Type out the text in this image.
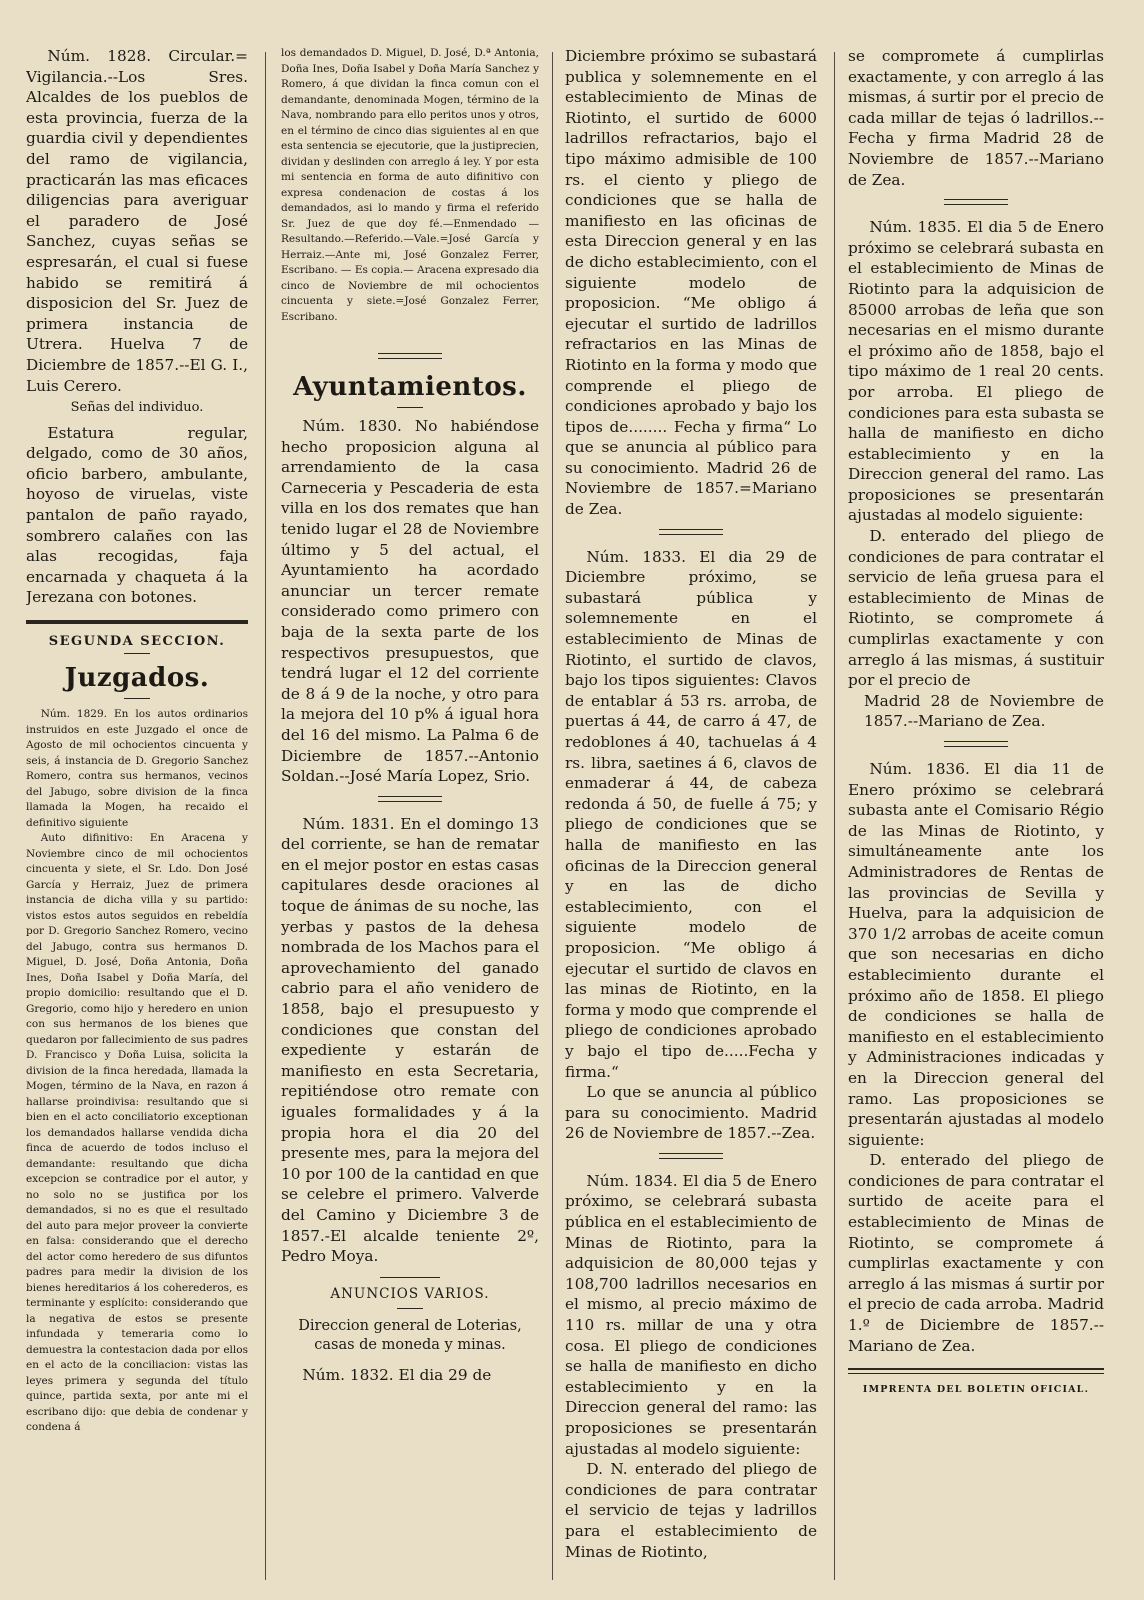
Núm. 1828. Circular.= Vigilancia.--Los Sres. Alcaldes de los pueblos de esta provincia, fuerza de la guardia civil y dependientes del ramo de vigilancia, practicarán las mas eficaces diligencias para averiguar el paradero de José Sanchez, cuyas señas se espresarán, el cual si fuese habido se remitirá á disposicion del Sr. Juez de primera instancia de Utrera. Huelva 7 de Diciembre de 1857.--El G. I., Luis Cerero.

Señas del individuo.

Estatura regular, delgado, como de 30 años, oficio barbero, ambulante, hoyoso de viruelas, viste pantalon de paño rayado, sombrero calañes con las alas recogidas, faja encarnada y chaqueta á la Jerezana con botones.

SEGUNDA SECCION.
Juzgados.

Núm. 1829. En los autos ordinarios instruidos en este Juzgado el once de Agosto de mil ochocientos cincuenta y seis, á instancia de D. Gregorio Sanchez Romero, contra sus hermanos, vecinos del Jabugo, sobre division de la finca llamada la Mogen, ha recaido el definitivo siguiente

Auto difinitivo: En Aracena y Noviembre cinco de mil ochocientos cincuenta y siete, el Sr. Ldo. Don José García y Herraiz, Juez de primera instancia de dicha villa y su partido: vistos estos autos seguidos en rebeldía por D. Gregorio Sanchez Romero, vecino del Jabugo, contra sus hermanos D. Miguel, D. José, Doña Antonia, Doña Ines, Doña Isabel y Doña María, del propio domicilio: resultando que el D. Gregorio, como hijo y heredero en union con sus hermanos de los bienes que quedaron por fallecimiento de sus padres D. Francisco y Doña Luisa, solicita la division de la finca heredada, llamada la Mogen, término de la Nava, en razon á hallarse proindivisa: resultando que si bien en el acto conciliatorio exceptionan los demandados hallarse vendida dicha finca de acuerdo de todos incluso el demandante: resultando que dicha excepcion se contradice por el autor, y no solo no se justifica por los demandados, si no es que el resultado del auto para mejor proveer la convierte en falsa: considerando que el derecho del actor como heredero de sus difuntos padres para medir la division de los bienes hereditarios á los coherederos, es terminante y esplícito: considerando que la negativa de estos se presente infundada y temeraria como lo demuestra la contestacion dada por ellos en el acto de la conciliacion: vistas las leyes primera y segunda del título quince, partida sexta, por ante mi el escribano dijo: que debia de condenar y condena á

los demandados D. Miguel, D. José, D.ª Antonia, Doña Ines, Doña Isabel y Doña María Sanchez y Romero, á que dividan la finca comun con el demandante, denominada Mogen, término de la Nava, nombrando para ello peritos unos y otros, en el término de cinco dias siguientes al en que esta sentencia se ejecutorie, que la justiprecien, dividan y deslinden con arreglo á ley. Y por esta mi sentencia en forma de auto difinitivo con expresa condenacion de costas á los demandados, asi lo mando y firma el referido Sr. Juez de que doy fé.—Enmendado —Resultando.—Referido.—Vale.=José García y Herraiz.—Ante mi, José Gonzalez Ferrer, Escribano. — Es copia.— Aracena expresado dia cinco de Noviembre de mil ochocientos cincuenta y siete.=José Gonzalez Ferrer, Escribano.

Ayuntamientos.

Núm. 1830. No habiéndose hecho proposicion alguna al arrendamiento de la casa Carneceria y Pescaderia de esta villa en los dos remates que han tenido lugar el 28 de Noviembre último y 5 del actual, el Ayuntamiento ha acordado anunciar un tercer remate considerado como primero con baja de la sexta parte de los respectivos presupuestos, que tendrá lugar el 12 del corriente de 8 á 9 de la noche, y otro para la mejora del 10 p% á igual hora del 16 del mismo. La Palma 6 de Diciembre de 1857.--Antonio Soldan.--José María Lopez, Srio.

Núm. 1831. En el domingo 13 del corriente, se han de rematar en el mejor postor en estas casas capitulares desde oraciones al toque de ánimas de su noche, las yerbas y pastos de la dehesa nombrada de los Machos para el aprovechamiento del ganado cabrio para el año venidero de 1858, bajo el presupuesto y condiciones que constan del expediente y estarán de manifiesto en esta Secretaria, repitiéndose otro remate con iguales formalidades y á la propia hora el dia 20 del presente mes, para la mejora del 10 por 100 de la cantidad en que se celebre el primero. Valverde del Camino y Diciembre 3 de 1857.-El alcalde teniente 2º, Pedro Moya.

ANUNCIOS VARIOS.

Direccion general de Loterias, casas de moneda y minas.

Núm. 1832. El dia 29 de

Diciembre próximo se subastará publica y solemnemente en el establecimiento de Minas de Riotinto, el surtido de 6000 ladrillos refractarios, bajo el tipo máximo admisible de 100 rs. el ciento y pliego de condiciones que se halla de manifiesto en las oficinas de esta Direccion general y en las de dicho establecimiento, con el siguiente modelo de proposicion. “Me obligo á ejecutar el surtido de ladrillos refractarios en las Minas de Riotinto en la forma y modo que comprende el pliego de condiciones aprobado y bajo los tipos de........ Fecha y firma“ Lo que se anuncia al público para su conocimiento. Madrid 26 de Noviembre de 1857.=Mariano de Zea.

Núm. 1833. El dia 29 de Diciembre próximo, se subastará pública y solemnemente en el establecimiento de Minas de Riotinto, el surtido de clavos, bajo los tipos siguientes: Clavos de entablar á 53 rs. arroba, de puertas á 44, de carro á 47, de redoblones á 40, tachuelas á 4 rs. libra, saetines á 6, clavos de enmaderar á 44, de cabeza redonda á 50, de fuelle á 75; y pliego de condiciones que se halla de manifiesto en las oficinas de la Direccion general y en las de dicho establecimiento, con el siguiente modelo de proposicion. “Me obligo á ejecutar el surtido de clavos en las minas de Riotinto, en la forma y modo que comprende el pliego de condiciones aprobado y bajo el tipo de.....Fecha y firma.“

Lo que se anuncia al público para su conocimiento. Madrid 26 de Noviembre de 1857.--Zea.

Núm. 1834. El dia 5 de Enero próximo, se celebrará subasta pública en el establecimiento de Minas de Riotinto, para la adquisicion de 80,000 tejas y 108,700 ladrillos necesarios en el mismo, al precio máximo de 110 rs. millar de una y otra cosa. El pliego de condiciones se halla de manifiesto en dicho establecimiento y en la Direccion general del ramo: las proposiciones se presentarán ajustadas al modelo siguiente:

D. N. enterado del pliego de condiciones de para contratar el servicio de tejas y ladrillos para el establecimiento de Minas de Riotinto,

se compromete á cumplirlas exactamente, y con arreglo á las mismas, á surtir por el precio de cada millar de tejas ó ladrillos.--Fecha y firma Madrid 28 de Noviembre de 1857.--Mariano de Zea.

Núm. 1835. El dia 5 de Enero próximo se celebrará subasta en el establecimiento de Minas de Riotinto para la adquisicion de 85000 arrobas de leña que son necesarias en el mismo durante el próximo año de 1858, bajo el tipo máximo de 1 real 20 cents. por arroba. El pliego de condiciones para esta subasta se halla de manifiesto en dicho establecimiento y en la Direccion general del ramo. Las proposiciones se presentarán ajustadas al modelo siguiente:

D. enterado del pliego de condiciones de para contratar el servicio de leña gruesa para el establecimiento de Minas de Riotinto, se compromete á cumplirlas exactamente y con arreglo á las mismas, á sustituir por el precio de

Madrid 28 de Noviembre de 1857.--Mariano de Zea.

Núm. 1836. El dia 11 de Enero próximo se celebrará subasta ante el Comisario Régio de las Minas de Riotinto, y simultáneamente ante los Administradores de Rentas de las provincias de Sevilla y Huelva, para la adquisicion de 370 1/2 arrobas de aceite comun que son necesarias en dicho establecimiento durante el próximo año de 1858. El pliego de condiciones se halla de manifiesto en el establecimiento y Administraciones indicadas y en la Direccion general del ramo. Las proposiciones se presentarán ajustadas al modelo siguiente:

D. enterado del pliego de condiciones de para contratar el surtido de aceite para el establecimiento de Minas de Riotinto, se compromete á cumplirlas exactamente y con arreglo á las mismas á surtir por el precio de cada arroba. Madrid 1.º de Diciembre de 1857.--Mariano de Zea.

IMPRENTA DEL BOLETIN OFICIAL.
